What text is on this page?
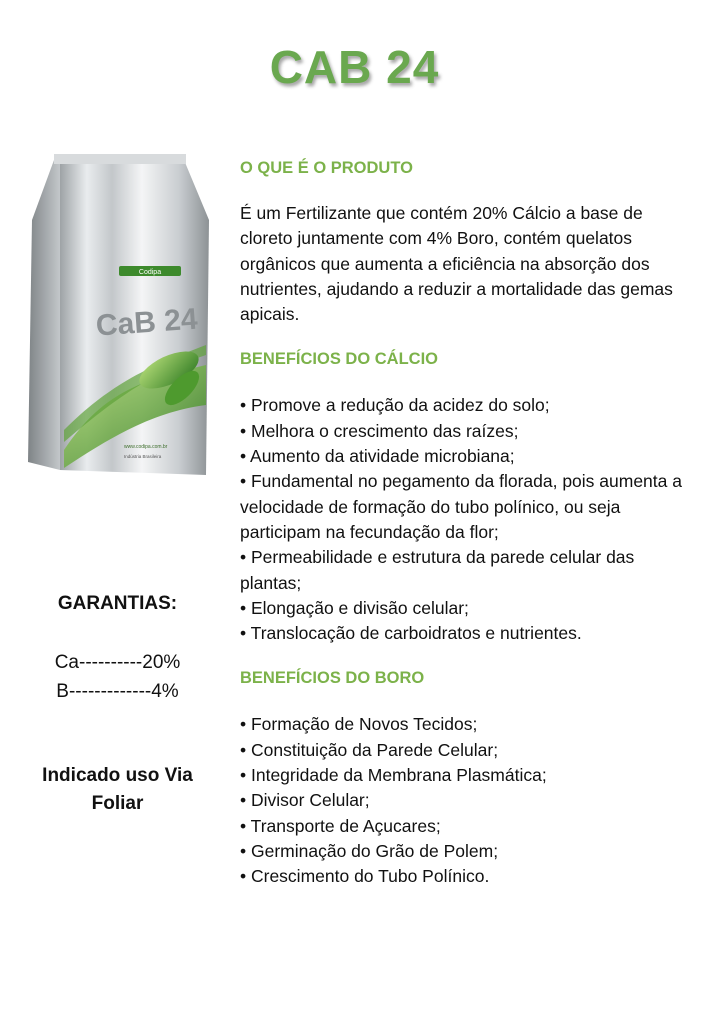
CAB 24
Codipa
CaB 24
www.codipa.com.br
Indústria Brasileira
GARANTIAS:
Ca----------20%
B-------------4%
Indicado uso Via
Foliar
O QUE É O PRODUTO

É um Fertilizante que contém 20% Cálcio a base de cloreto juntamente com 4% Boro, contém quelatos orgânicos que aumenta a eficiência na absorção dos nutrientes, ajudando a reduzir a mortalidade das gemas apicais.

BENEFÍCIOS DO CÁLCIO
• Promove a redução da acidez do solo;
• Melhora o crescimento das raízes;
• Aumento da atividade microbiana;
• Fundamental no pegamento da florada, pois aumenta a velocidade de formação do tubo polínico, ou seja participam na fecundação da flor;
• Permeabilidade e estrutura da parede celular das plantas;
• Elongação e divisão celular;
• Translocação de carboidratos e nutrientes.
BENEFÍCIOS DO BORO
• Formação de Novos Tecidos;
• Constituição da Parede Celular;
• Integridade da Membrana Plasmática;
• Divisor Celular;
• Transporte de Açucares;
• Germinação do Grão de Polem;
• Crescimento do Tubo Polínico.
